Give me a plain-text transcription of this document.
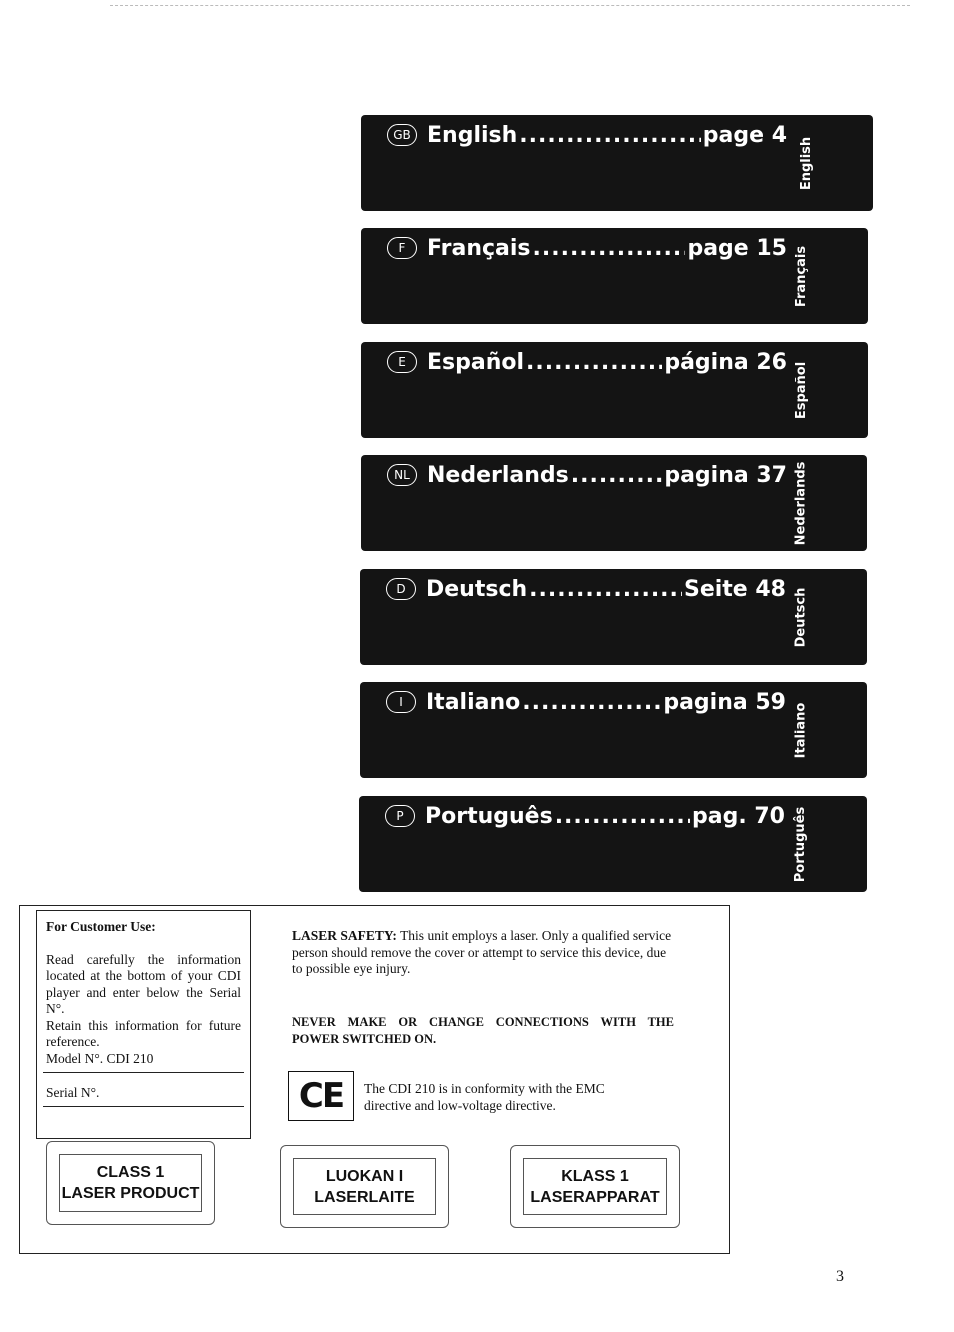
GB English .....	page 4
English
F Français .....	page 15 Français
E Español .....	página 26 Español
NL Nederlands .....	pagina 37 Nederlands
D Deutsch .....	Seite 48 Deutsch
I	Italiano .....	pagina 59
Italiano
P Português .....	pag. 70 Português
For Customer Use:
Read carefully the information located at the bottom of your CDI player and enter below the Serial N°.
Retain this information for future reference.
Model N°. CDI 210
Serial N°.
LASER SAFETY: This unit employs a laser. Only a qualified service person should remove the cover or attempt to service this device, due to possible eye injury.
NEVER MAKE OR CHANGE CONNECTIONS WITH THE
POWER SWITCHED ON.
CE	The CDI 210 is in conformity with the EMC directive and low-voltage directive.
CLASS 1
LASER PRODUCT
LUOKAN I
LASERLAITE
KLASS 1
LASERAPPARAT
3
